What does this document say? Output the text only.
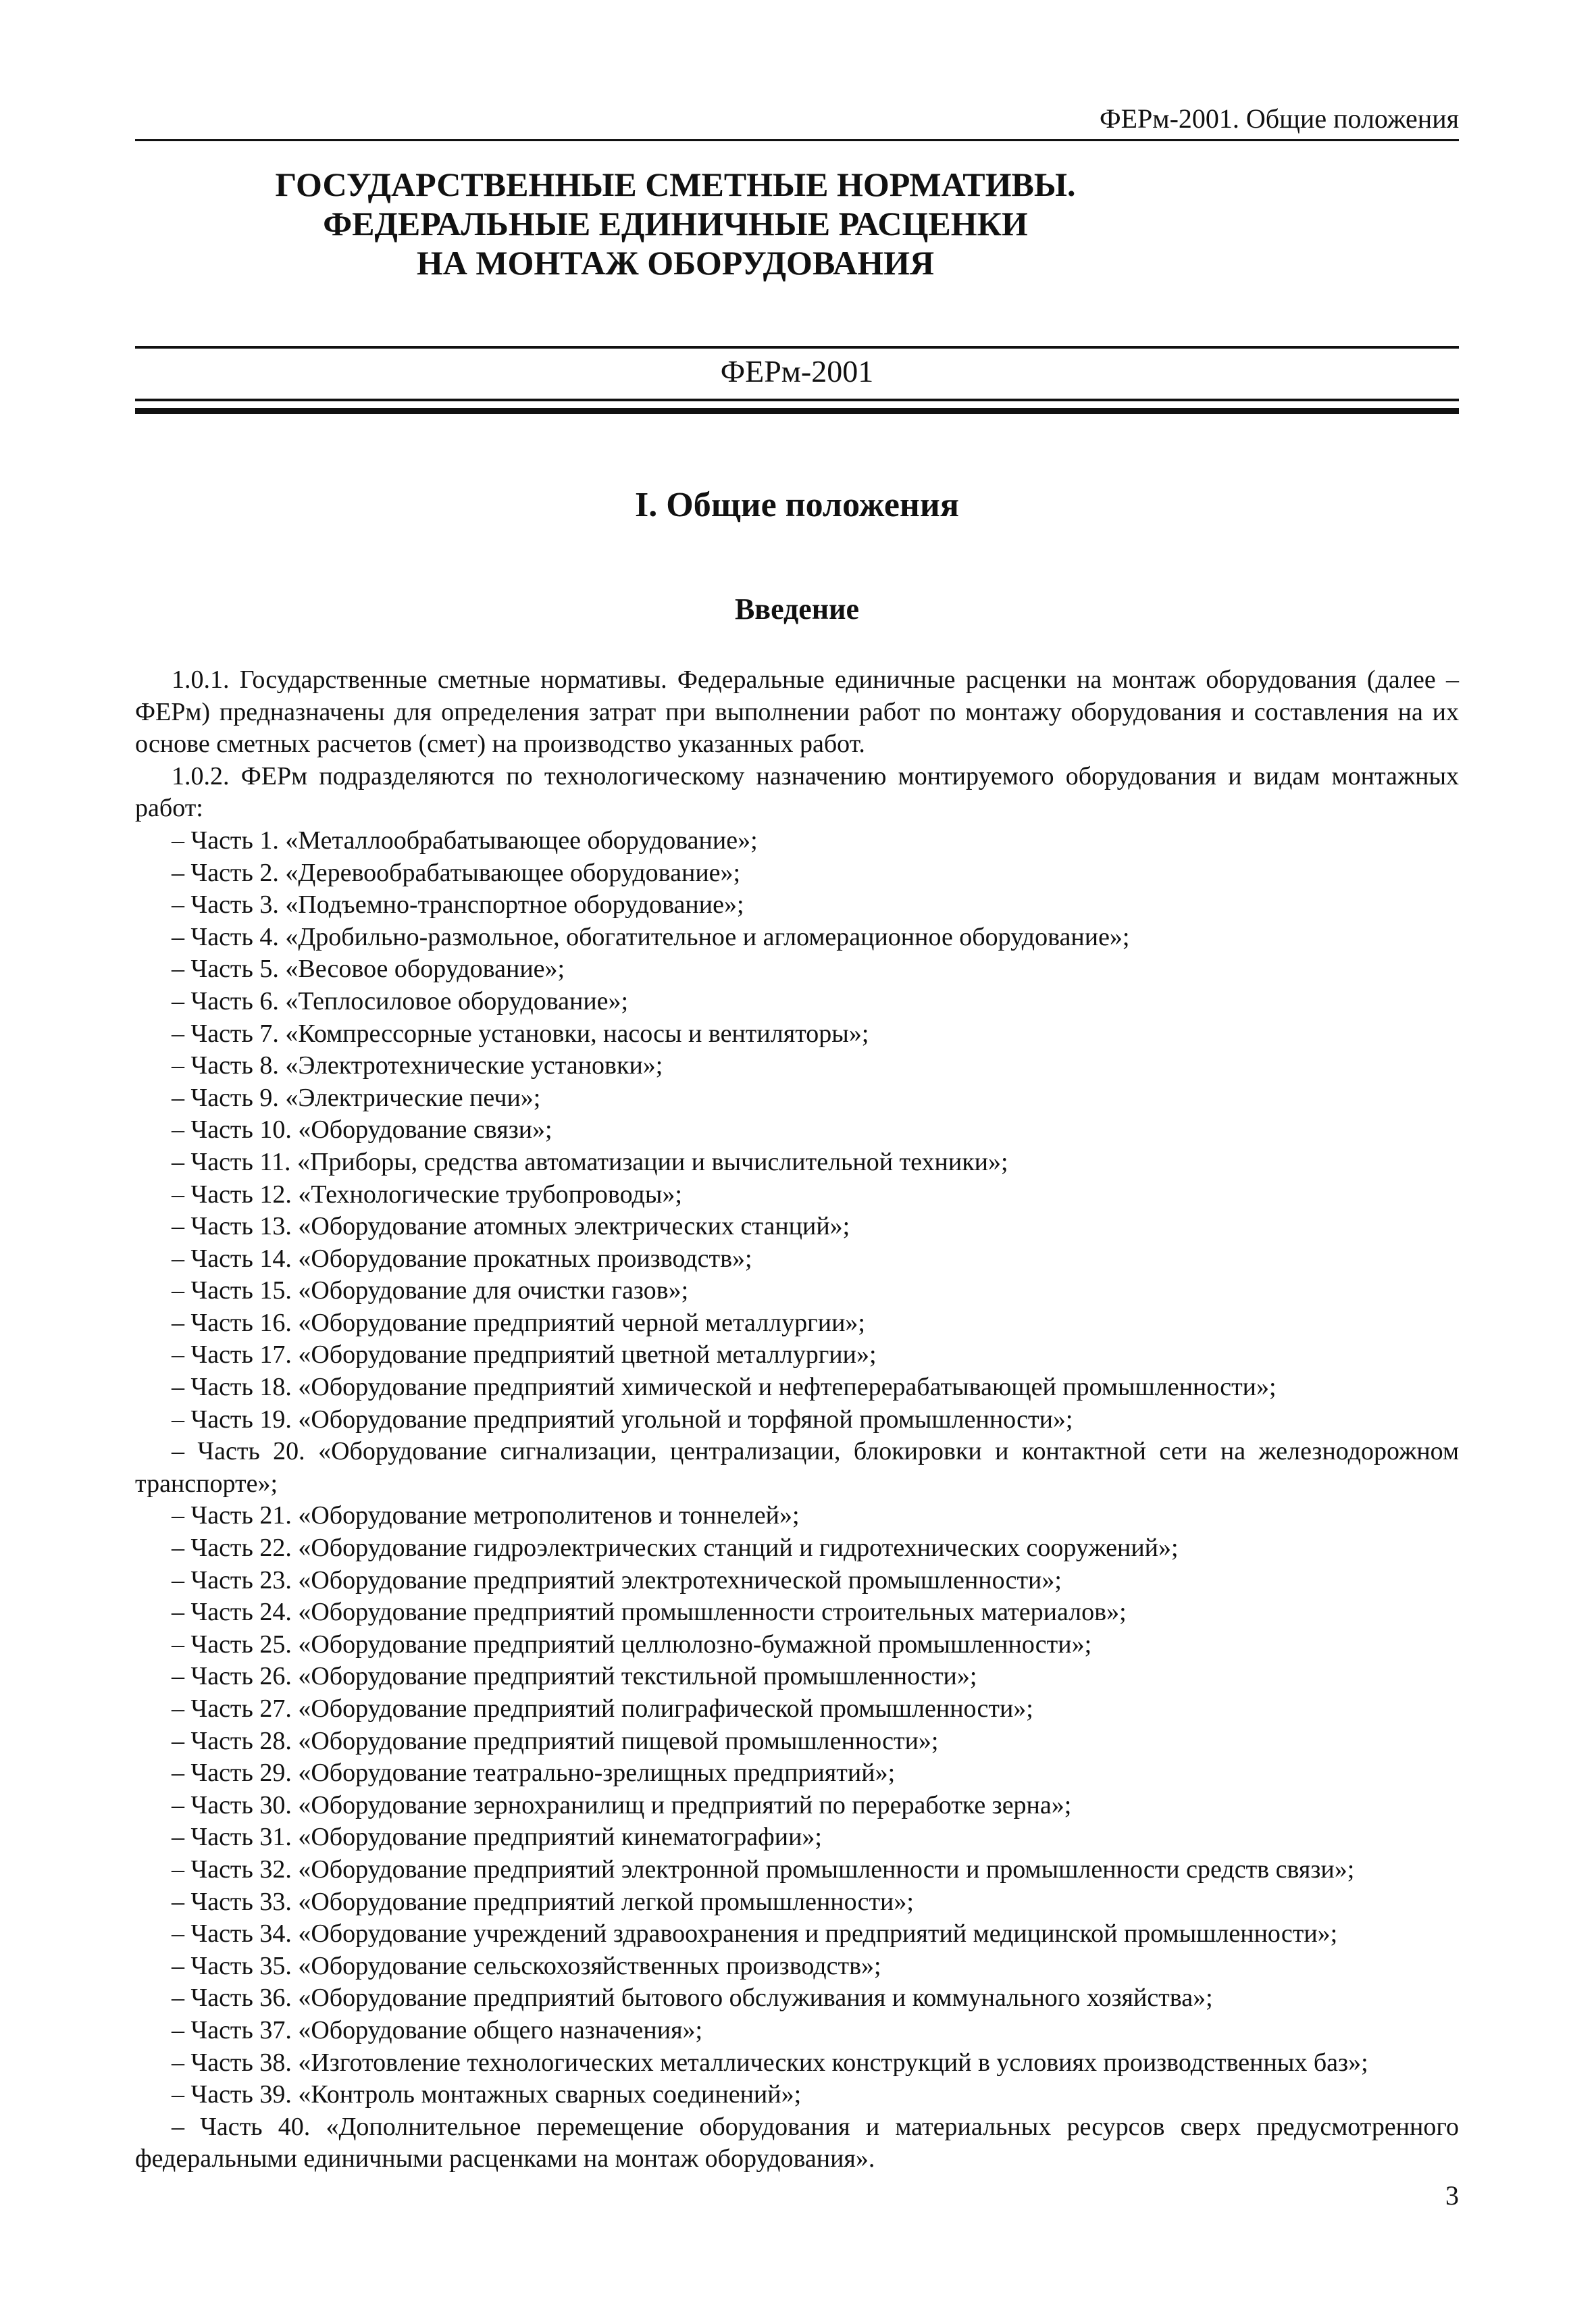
ФЕРм-2001. Общие положения
ГОСУДАРСТВЕННЫЕ СМЕТНЫЕ НОРМАТИВЫ.
ФЕДЕРАЛЬНЫЕ ЕДИНИЧНЫЕ РАСЦЕНКИ
НА МОНТАЖ ОБОРУДОВАНИЯ
ФЕРм-2001
I. Общие положения
Введение

1.0.1. Государственные сметные нормативы. Федеральные единичные расценки на монтаж оборудования (далее – ФЕРм) предназначены для определения затрат при выполнении работ по монтажу оборудования и составления на их основе сметных расчетов (смет) на производство указанных работ.

1.0.2. ФЕРм подразделяются по технологическому назначению монтируемого оборудования и видам монтажных работ:

– Часть 1. «Металлообрабатывающее оборудование»;
– Часть 2. «Деревообрабатывающее оборудование»;
– Часть 3. «Подъемно-транспортное оборудование»;
– Часть 4. «Дробильно-размольное, обогатительное и агломерационное оборудование»;
– Часть 5. «Весовое оборудование»;
– Часть 6. «Теплосиловое оборудование»;
– Часть 7. «Компрессорные установки, насосы и вентиляторы»;
– Часть 8. «Электротехнические установки»;
– Часть 9. «Электрические печи»;
– Часть 10. «Оборудование связи»;
– Часть 11. «Приборы, средства автоматизации и вычислительной техники»;
– Часть 12. «Технологические трубопроводы»;
– Часть 13. «Оборудование атомных электрических станций»;
– Часть 14. «Оборудование прокатных производств»;
– Часть 15. «Оборудование для очистки газов»;
– Часть 16. «Оборудование предприятий черной металлургии»;
– Часть 17. «Оборудование предприятий цветной металлургии»;
– Часть 18. «Оборудование предприятий химической и нефтеперерабатывающей промышленности»;
– Часть 19. «Оборудование предприятий угольной и торфяной промышленности»;
– Часть 20. «Оборудование сигнализации, централизации, блокировки и контактной сети на железнодорожном транспорте»;
– Часть 21. «Оборудование метрополитенов и тоннелей»;
– Часть 22. «Оборудование гидроэлектрических станций и гидротехнических сооружений»;
– Часть 23. «Оборудование предприятий электротехнической промышленности»;
– Часть 24. «Оборудование предприятий промышленности строительных материалов»;
– Часть 25. «Оборудование предприятий целлюлозно-бумажной промышленности»;
– Часть 26. «Оборудование предприятий текстильной промышленности»;
– Часть 27. «Оборудование предприятий полиграфической промышленности»;
– Часть 28. «Оборудование предприятий пищевой промышленности»;
– Часть 29. «Оборудование театрально-зрелищных предприятий»;
– Часть 30. «Оборудование зернохранилищ и предприятий по переработке зерна»;
– Часть 31. «Оборудование предприятий кинематографии»;
– Часть 32. «Оборудование предприятий электронной промышленности и промышленности средств связи»;
– Часть 33. «Оборудование предприятий легкой промышленности»;
– Часть 34. «Оборудование учреждений здравоохранения и предприятий медицинской промышленности»;
– Часть 35. «Оборудование сельскохозяйственных производств»;
– Часть 36. «Оборудование предприятий бытового обслуживания и коммунального хозяйства»;
– Часть 37. «Оборудование общего назначения»;
– Часть 38. «Изготовление технологических металлических конструкций в условиях производственных баз»;
– Часть 39. «Контроль монтажных сварных соединений»;
– Часть 40. «Дополнительное перемещение оборудования и материальных ресурсов сверх предусмотренного федеральными единичными расценками на монтаж оборудования».
3
